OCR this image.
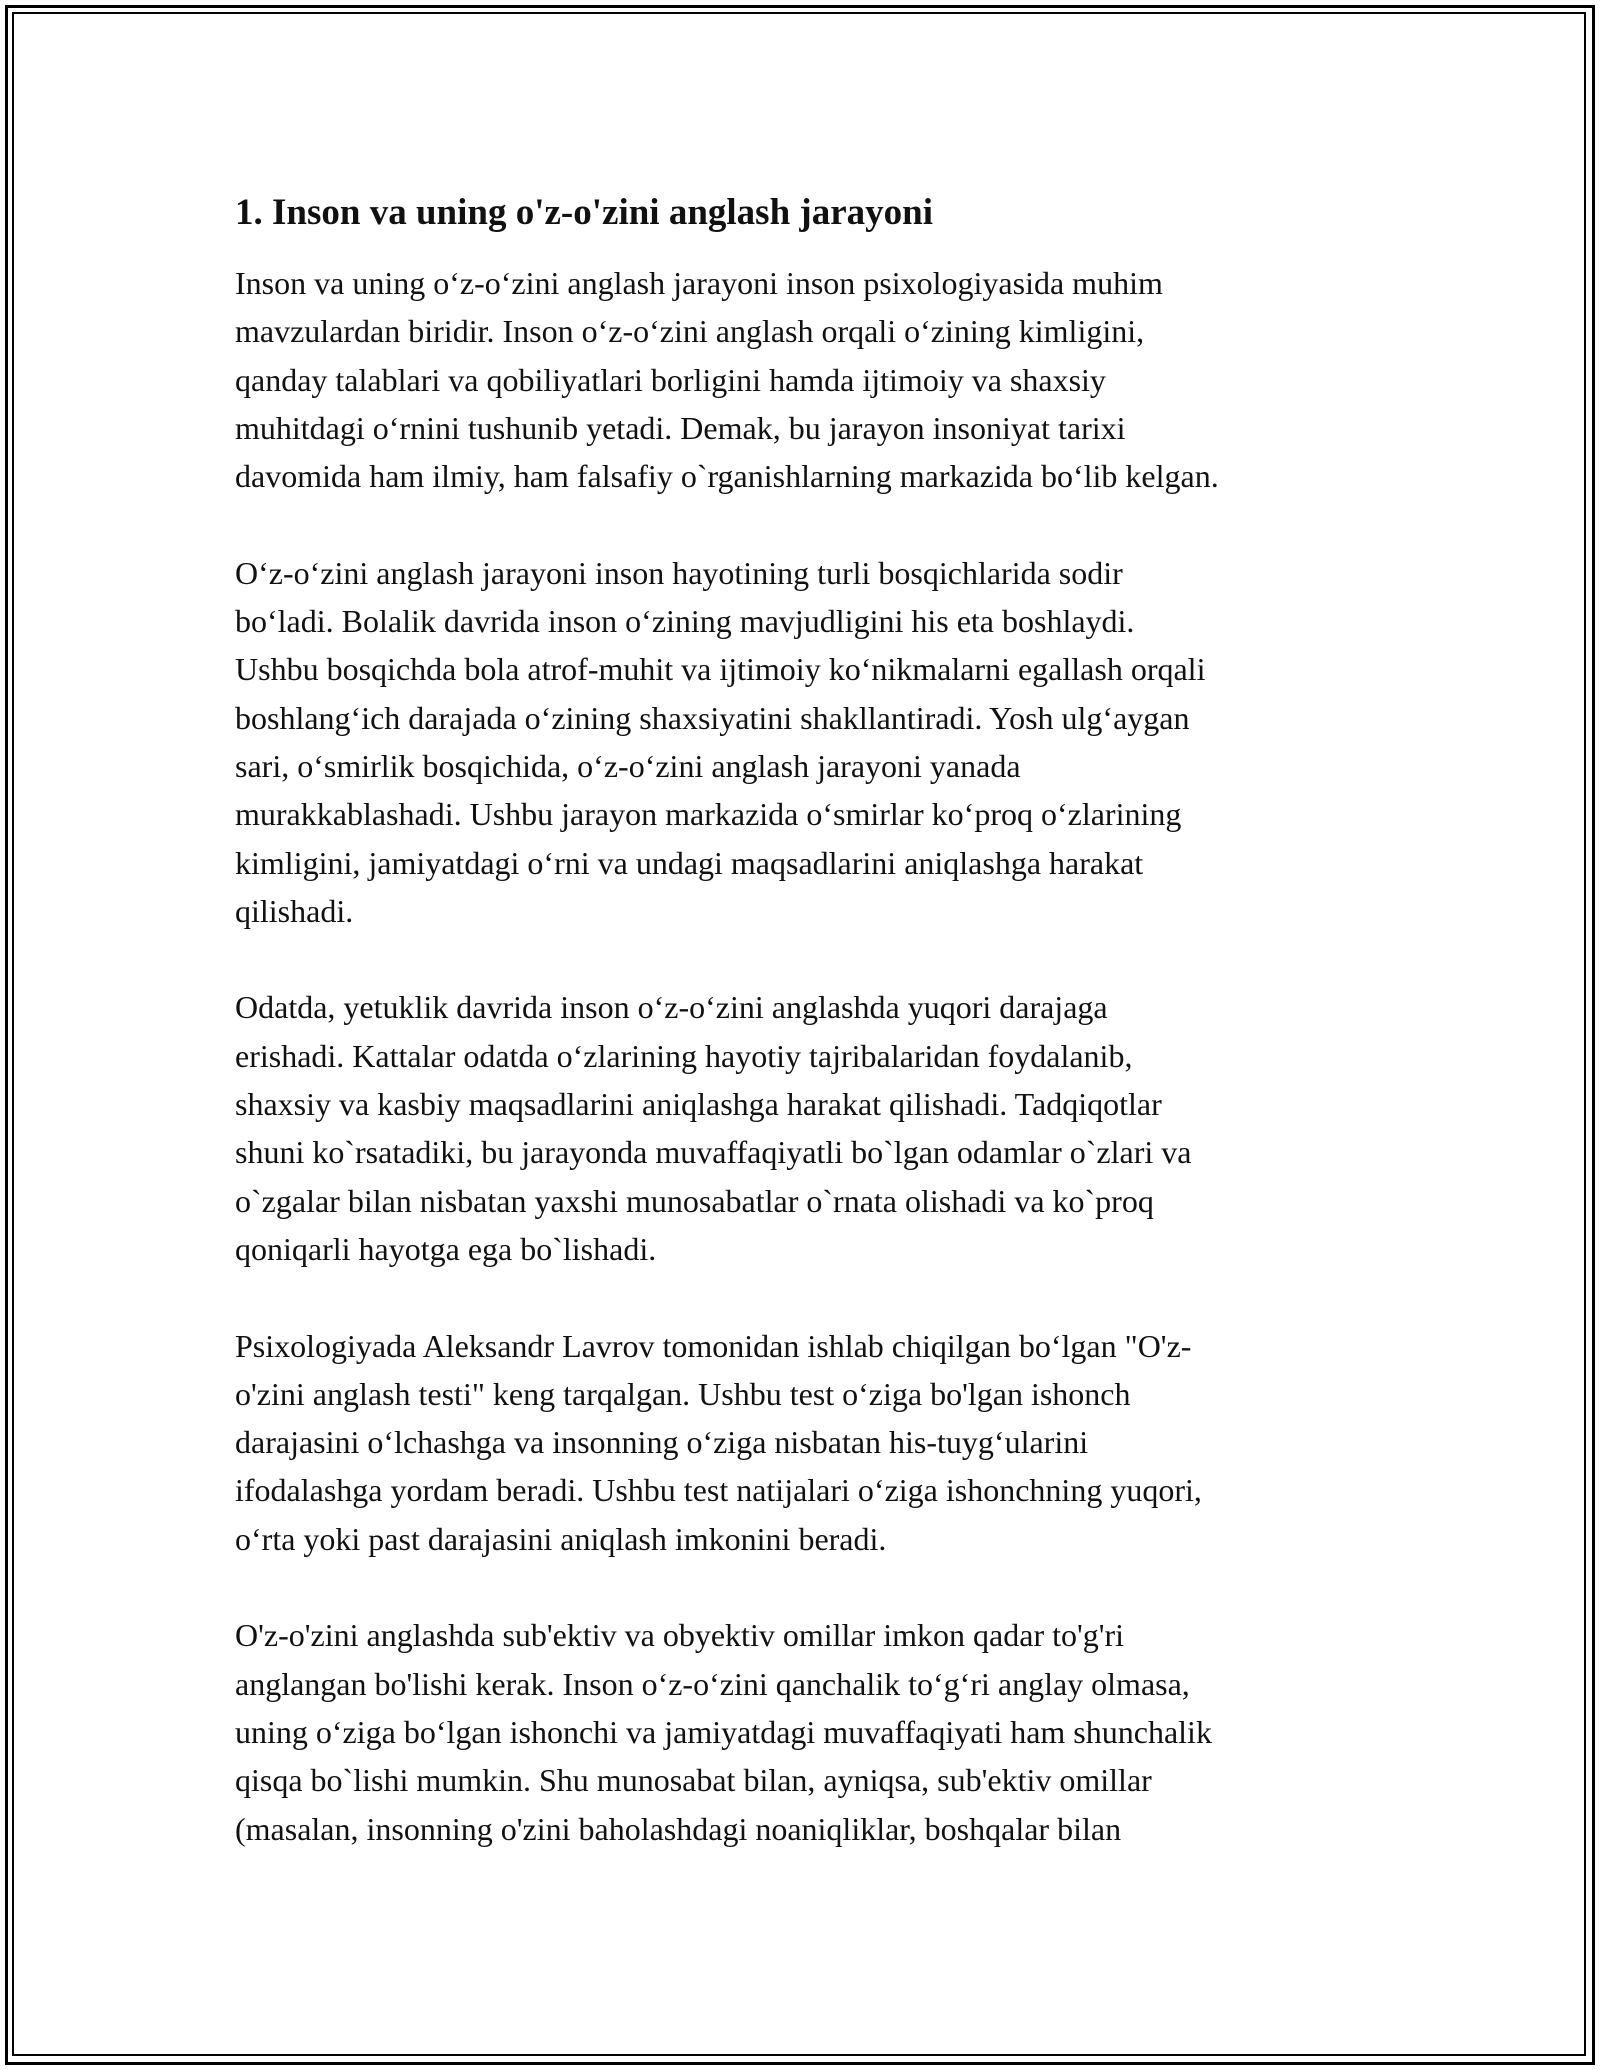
1. Inson va uning o'z-o'zini anglash jarayoni

Inson va uning o‘z-o‘zini anglash jarayoni inson psixologiyasida muhim
mavzulardan biridir. Inson o‘z-o‘zini anglash orqali o‘zining kimligini,
qanday talablari va qobiliyatlari borligini hamda ijtimoiy va shaxsiy
muhitdagi o‘rnini tushunib yetadi. Demak, bu jarayon insoniyat tarixi
davomida ham ilmiy, ham falsafiy o`rganishlarning markazida bo‘lib kelgan.

O‘z-o‘zini anglash jarayoni inson hayotining turli bosqichlarida sodir
bo‘ladi. Bolalik davrida inson o‘zining mavjudligini his eta boshlaydi.
Ushbu bosqichda bola atrof-muhit va ijtimoiy ko‘nikmalarni egallash orqali
boshlang‘ich darajada o‘zining shaxsiyatini shakllantiradi. Yosh ulg‘aygan
sari, o‘smirlik bosqichida, o‘z-o‘zini anglash jarayoni yanada
murakkablashadi. Ushbu jarayon markazida o‘smirlar ko‘proq o‘zlarining
kimligini, jamiyatdagi o‘rni va undagi maqsadlarini aniqlashga harakat
qilishadi.

Odatda, yetuklik davrida inson o‘z-o‘zini anglashda yuqori darajaga
erishadi. Kattalar odatda o‘zlarining hayotiy tajribalaridan foydalanib,
shaxsiy va kasbiy maqsadlarini aniqlashga harakat qilishadi. Tadqiqotlar
shuni ko`rsatadiki, bu jarayonda muvaffaqiyatli bo`lgan odamlar o`zlari va
o`zgalar bilan nisbatan yaxshi munosabatlar o`rnata olishadi va ko`proq
qoniqarli hayotga ega bo`lishadi.

Psixologiyada Aleksandr Lavrov tomonidan ishlab chiqilgan bo‘lgan "O'z-
o'zini anglash testi" keng tarqalgan. Ushbu test o‘ziga bo'lgan ishonch
darajasini o‘lchashga va insonning o‘ziga nisbatan his-tuyg‘ularini
ifodalashga yordam beradi. Ushbu test natijalari o‘ziga ishonchning yuqori,
o‘rta yoki past darajasini aniqlash imkonini beradi.

O'z-o'zini anglashda sub'ektiv va obyektiv omillar imkon qadar to'g'ri
anglangan bo'lishi kerak. Inson o‘z-o‘zini qanchalik to‘g‘ri anglay olmasa,
uning o‘ziga bo‘lgan ishonchi va jamiyatdagi muvaffaqiyati ham shunchalik
qisqa bo`lishi mumkin. Shu munosabat bilan, ayniqsa, sub'ektiv omillar
(masalan, insonning o'zini baholashdagi noaniqliklar, boshqalar bilan
